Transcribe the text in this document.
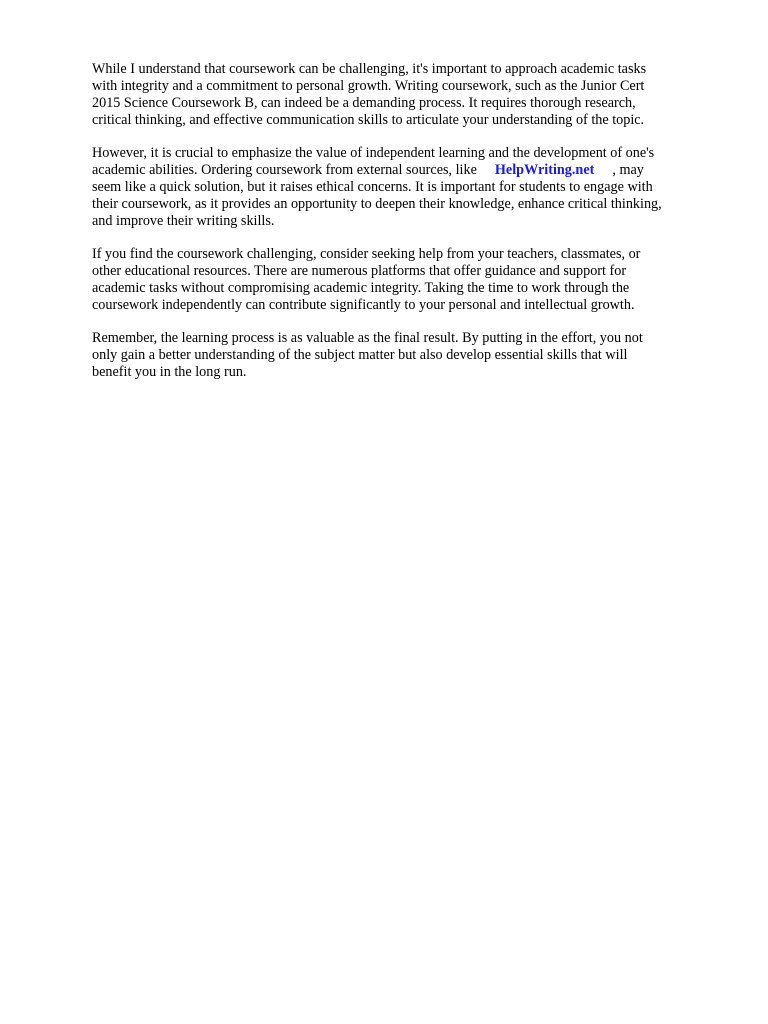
While I understand that coursework can be challenging, it's important to approach academic tasks
with integrity and a commitment to personal growth. Writing coursework, such as the Junior Cert
2015 Science Coursework B, can indeed be a demanding process. It requires thorough research,
critical thinking, and effective communication skills to articulate your understanding of the topic.

However, it is crucial to emphasize the value of independent learning and the development of one's
academic abilities. Ordering coursework from external sources, like HelpWriting.net , may
seem like a quick solution, but it raises ethical concerns. It is important for students to engage with
their coursework, as it provides an opportunity to deepen their knowledge, enhance critical thinking,
and improve their writing skills.

If you find the coursework challenging, consider seeking help from your teachers, classmates, or
other educational resources. There are numerous platforms that offer guidance and support for
academic tasks without compromising academic integrity. Taking the time to work through the
coursework independently can contribute significantly to your personal and intellectual growth.

Remember, the learning process is as valuable as the final result. By putting in the effort, you not
only gain a better understanding of the subject matter but also develop essential skills that will
benefit you in the long run.
